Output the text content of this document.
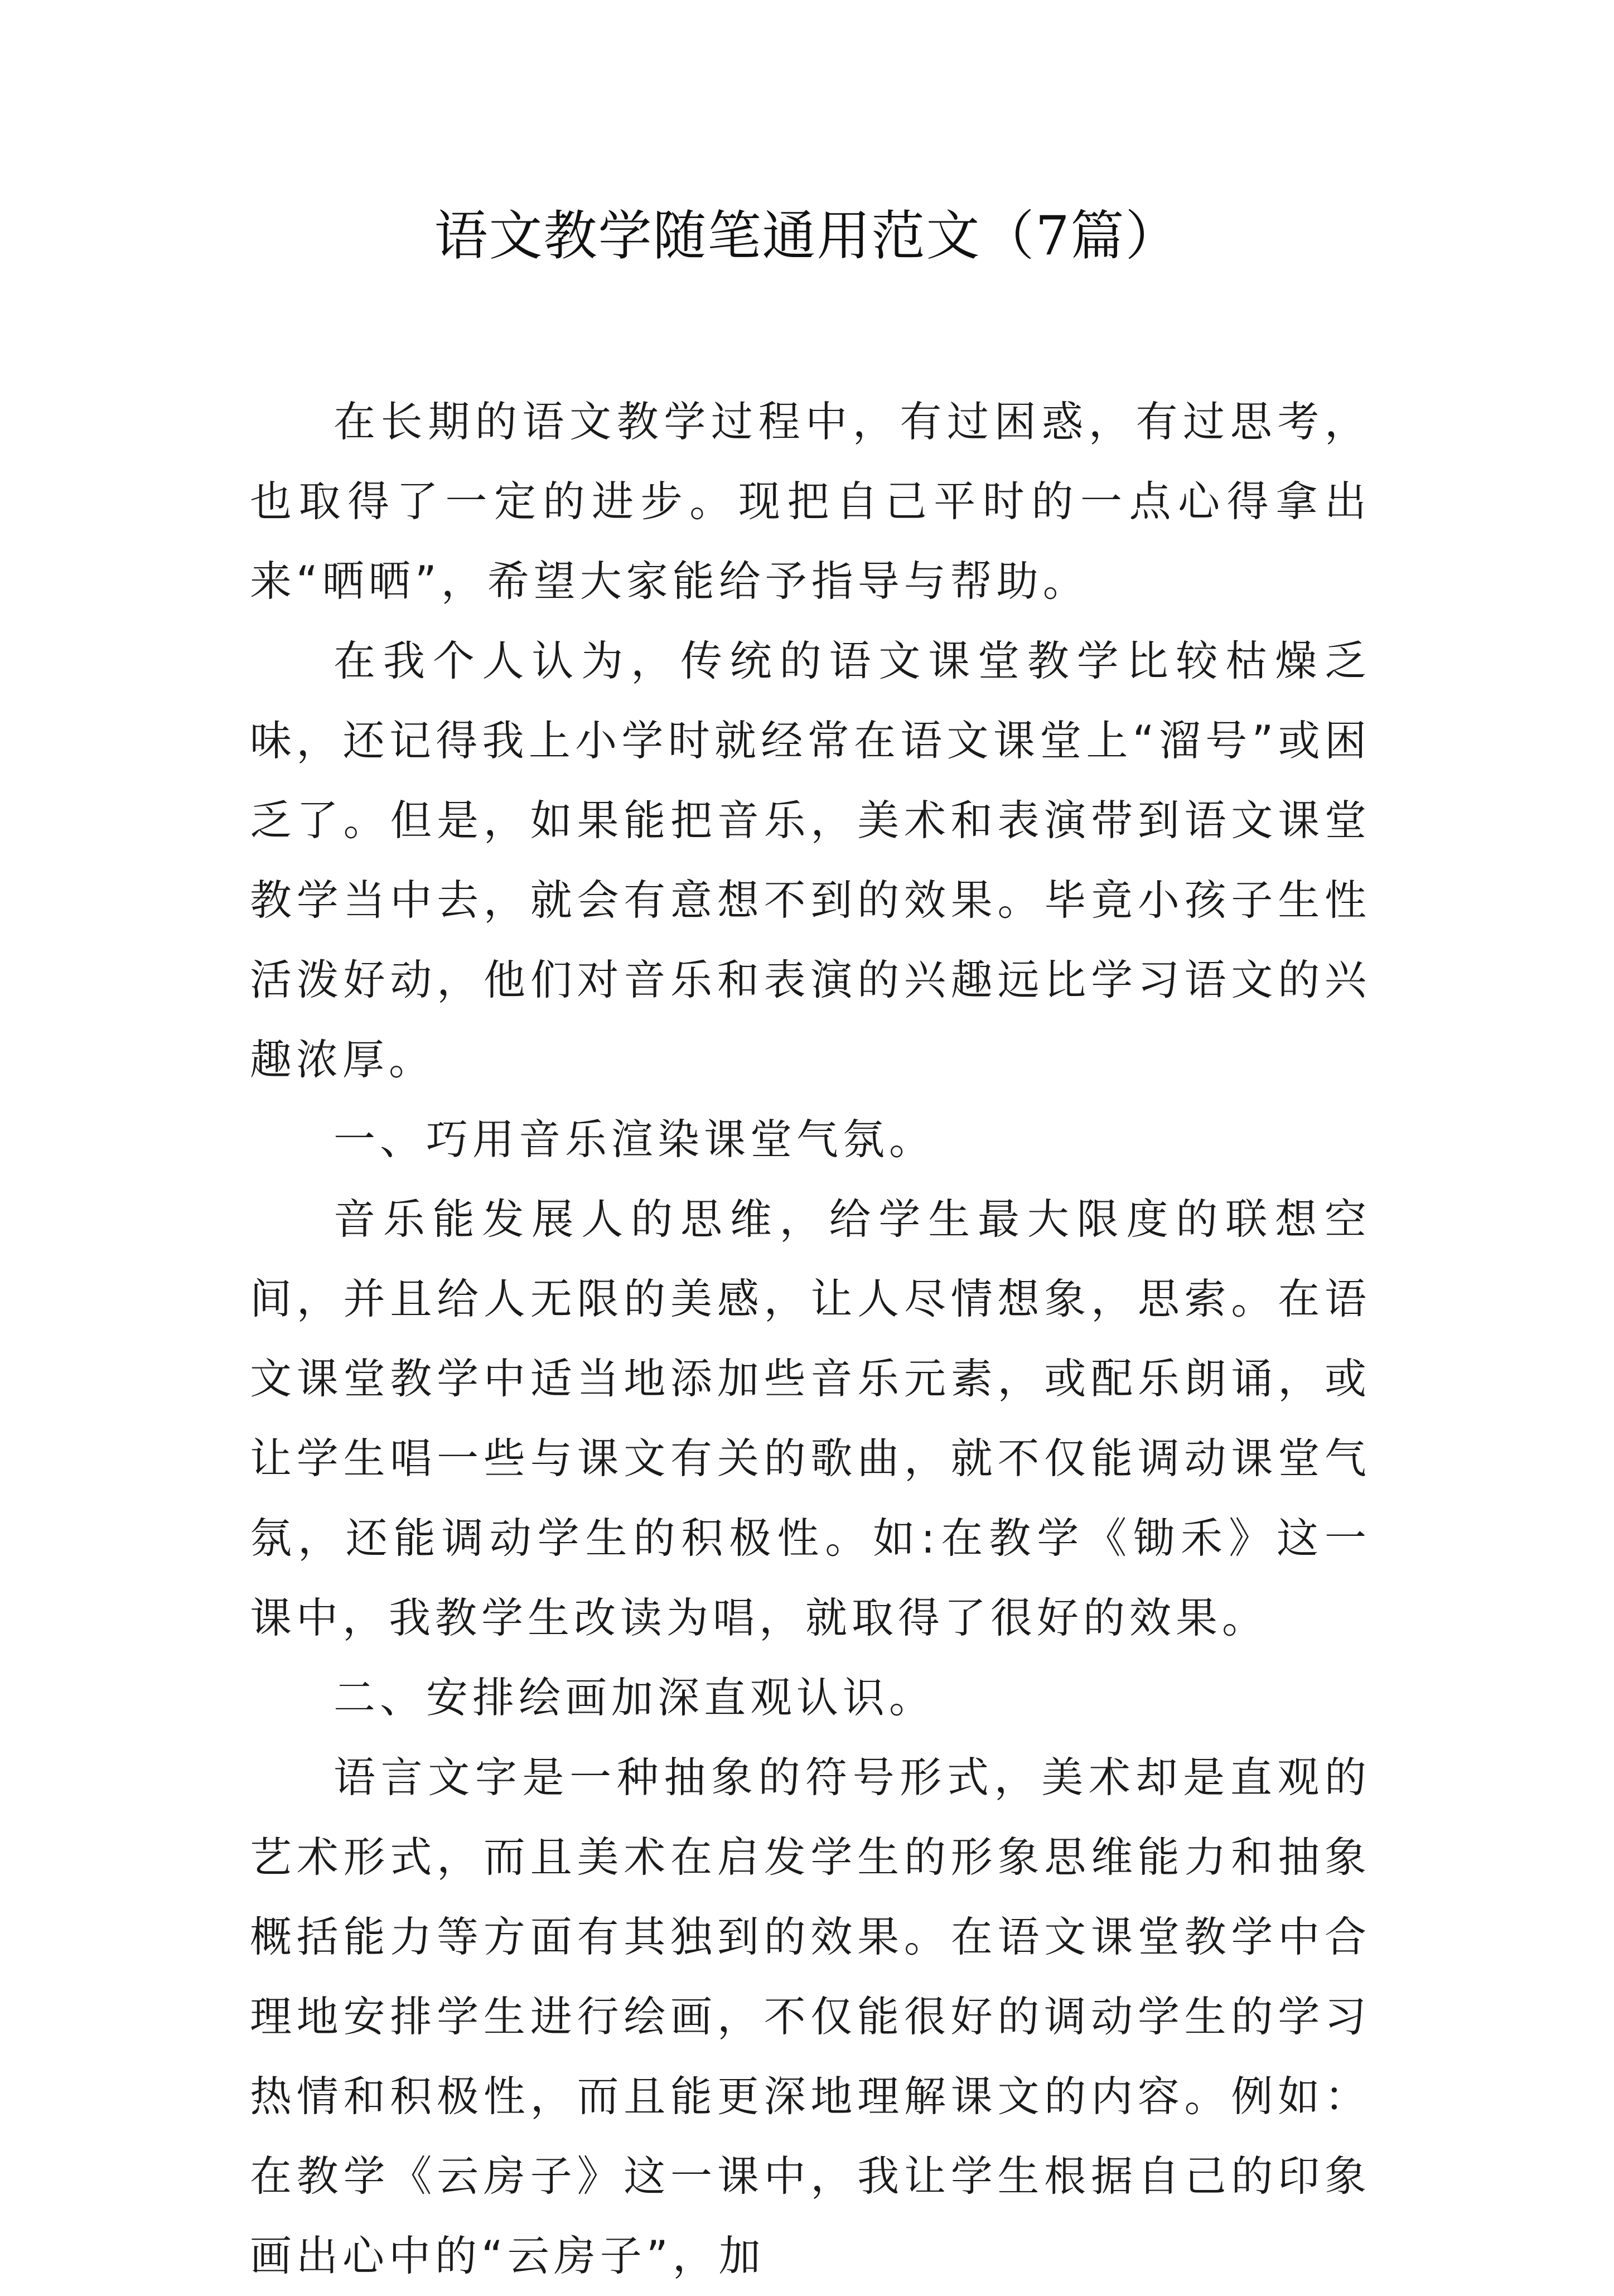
语文教学随笔通用范文（7篇）

在长期的语文教学过程中，有过困惑，有过思考，也取得了一定的进步。现把自己平时的一点心得拿出来“晒晒”，希望大家能给予指导与帮助。

在我个人认为，传统的语文课堂教学比较枯燥乏味，还记得我上小学时就经常在语文课堂上“溜号”或困乏了。但是，如果能把音乐，美术和表演带到语文课堂教学当中去，就会有意想不到的效果。毕竟小孩子生性活泼好动，他们对音乐和表演的兴趣远比学习语文的兴趣浓厚。

一、巧用音乐渲染课堂气氛。

音乐能发展人的思维，给学生最大限度的联想空间，并且给人无限的美感，让人尽情想象，思索。在语文课堂教学中适当地添加些音乐元素，或配乐朗诵，或让学生唱一些与课文有关的歌曲，就不仅能调动课堂气氛，还能调动学生的积极性。如:在教学《锄禾》这一课中，我教学生改读为唱，就取得了很好的效果。

二、安排绘画加深直观认识。

语言文字是一种抽象的符号形式，美术却是直观的艺术形式，而且美术在启发学生的形象思维能力和抽象概括能力等方面有其独到的效果。在语文课堂教学中合理地安排学生进行绘画，不仅能很好的调动学生的学习热情和积极性，而且能更深地理解课文的内容。例如：在教学《云房子》这一课中，我让学生根据自己的印象画出心中的“云房子”，加
